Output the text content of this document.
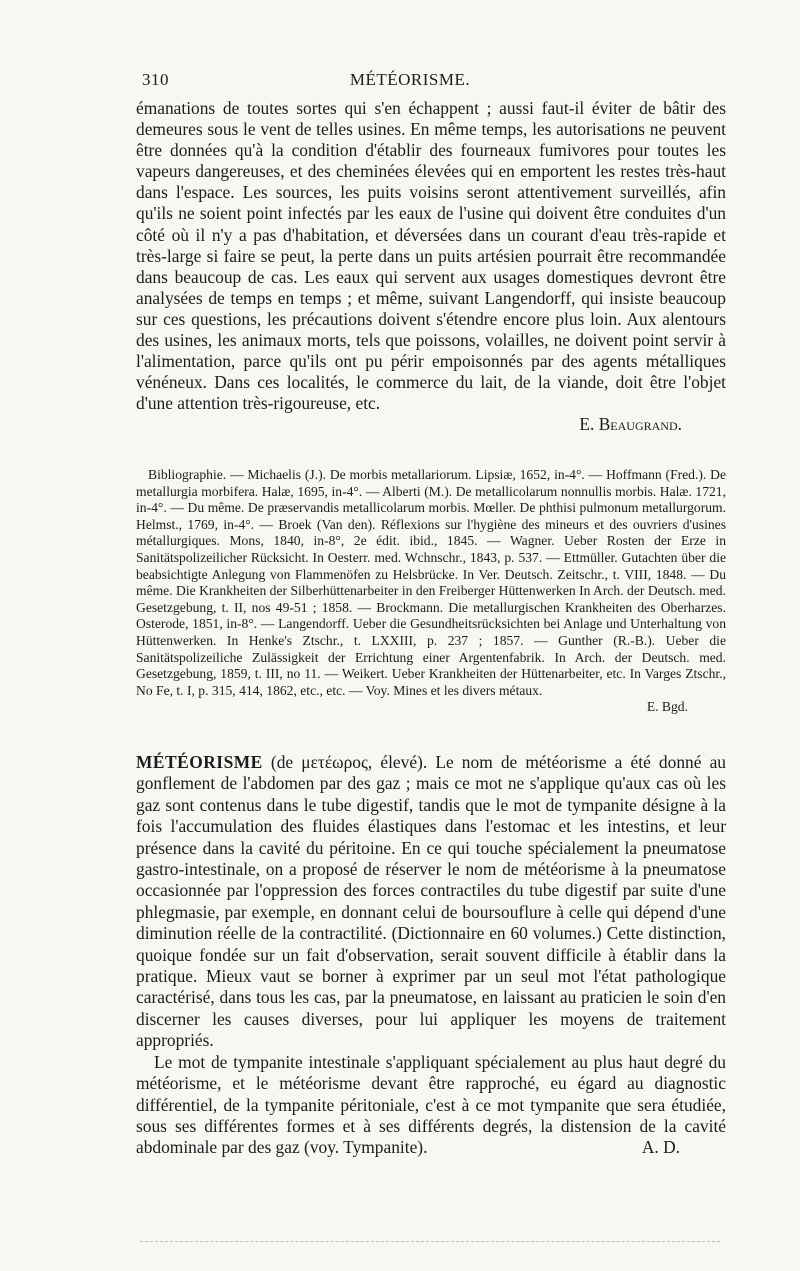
310	MÉTÉORISME.

émanations de toutes sortes qui s'en échappent ; aussi faut-il éviter de bâtir des demeures sous le vent de telles usines. En même temps, les autorisations ne peuvent être données qu'à la condition d'établir des fourneaux fumivores pour toutes les vapeurs dangereuses, et des cheminées élevées qui en emportent les restes très-haut dans l'espace. Les sources, les puits voisins seront attentivement surveillés, afin qu'ils ne soient point infectés par les eaux de l'usine qui doivent être conduites d'un côté où il n'y a pas d'habitation, et déversées dans un courant d'eau très-rapide et très-large si faire se peut, la perte dans un puits artésien pourrait être recommandée dans beaucoup de cas. Les eaux qui servent aux usages domestiques devront être analysées de temps en temps ; et même, suivant Langendorff, qui insiste beaucoup sur ces questions, les précautions doivent s'étendre encore plus loin. Aux alentours des usines, les animaux morts, tels que poissons, volailles, ne doivent point servir à l'alimentation, parce qu'ils ont pu périr empoisonnés par des agents métalliques vénéneux. Dans ces localités, le commerce du lait, de la viande, doit être l'objet d'une attention très-rigoureuse, etc.

E. Beaugrand.

Bibliographie. — Michaelis (J.). De morbis metallariorum. Lipsiæ, 1652, in-4°. — Hoffmann (Fred.). De metallurgia morbifera. Halæ, 1695, in-4°. — Alberti (M.). De metallicolarum nonnullis morbis. Halæ. 1721, in-4°. — Du même. De præservandis metallicolarum morbis. Mœller. De phthisi pulmonum metallurgorum. Helmst., 1769, in-4°. — Broek (Van den). Réflexions sur l'hygiène des mineurs et des ouvriers d'usines métallurgiques. Mons, 1840, in-8°, 2e édit. ibid., 1845. — Wagner. Ueber Rosten der Erze in Sanitätspolizeilicher Rücksicht. In Oesterr. med. Wchnschr., 1843, p. 537. — Ettmüller. Gutachten über die beabsichtigte Anlegung von Flammenöfen zu Helsbrücke. In Ver. Deutsch. Zeitschr., t. VIII, 1848. — Du même. Die Krankheiten der Silberhüttenarbeiter in den Freiberger Hüttenwerken In Arch. der Deutsch. med. Gesetzgebung, t. II, nos 49-51 ; 1858. — Brockmann. Die metallurgischen Krankheiten des Oberharzes. Osterode, 1851, in-8°. — Langendorff. Ueber die Gesundheitsrücksichten bei Anlage und Unterhaltung von Hüttenwerken. In Henke's Ztschr., t. LXXIII, p. 237 ; 1857. — Gunther (R.-B.). Ueber die Sanitätspolizeiliche Zulässigkeit der Errichtung einer Argentenfabrik. In Arch. der Deutsch. med. Gesetzgebung, 1859, t. III, no 11. — Weikert. Ueber Krankheiten der Hüttenarbeiter, etc. In Varges Ztschr., No Fe, t. I, p. 315, 414, 1862, etc., etc. — Voy. Mines et les divers métaux.

E. Bgd.

MÉTÉORISME (de μετέωρος, élevé). Le nom de météorisme a été donné au gonflement de l'abdomen par des gaz ; mais ce mot ne s'applique qu'aux cas où les gaz sont contenus dans le tube digestif, tandis que le mot de tympanite désigne à la fois l'accumulation des fluides élastiques dans l'estomac et les intestins, et leur présence dans la cavité du péritoine. En ce qui touche spécialement la pneumatose gastro-intestinale, on a proposé de réserver le nom de météorisme à la pneumatose occasionnée par l'oppression des forces contractiles du tube digestif par suite d'une phlegmasie, par exemple, en donnant celui de boursouflure à celle qui dépend d'une diminution réelle de la contractilité. (Dictionnaire en 60 volumes.) Cette distinction, quoique fondée sur un fait d'observation, serait souvent difficile à établir dans la pratique. Mieux vaut se borner à exprimer par un seul mot l'état pathologique caractérisé, dans tous les cas, par la pneumatose, en laissant au praticien le soin d'en discerner les causes diverses, pour lui appliquer les moyens de traitement appropriés.

Le mot de tympanite intestinale s'appliquant spécialement au plus haut degré du météorisme, et le météorisme devant être rapproché, eu égard au diagnostic différentiel, de la tympanite péritoniale, c'est à ce mot tympanite que sera étudiée, sous ses différentes formes et à ses différents degrés, la distension de la cavité abdominale par des gaz (voy. Tympanite).	A. D.
